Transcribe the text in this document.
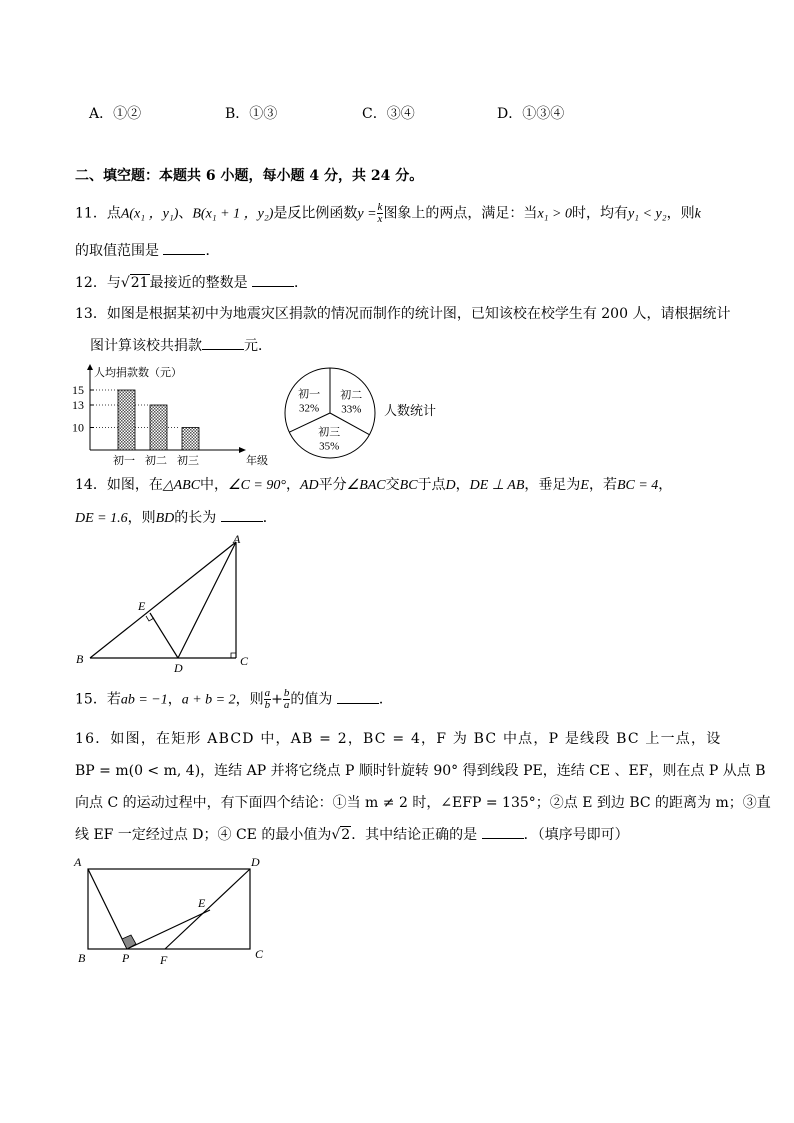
A．①②	B．①③	C．③④	D．①③④
二、填空题：本题共 6 小题，每小题 4 分，共 24 分。
11．点A(x₁ ，y₁)、B(x₁ + 1 ，y₂)是反比例函数$y = \frac{k}{x}$ 图象上的两点，满足：当x₁ > 0时，均有y₁ < y₂，则k
的取值范围是	．
12．与√21最接近的整数是	．
13．如图是根据某初中为地震灾区捐款的情况而制作的统计图，已知该校在校学生有 200 人，请根据统计
图计算该校共捐款	元．
人均捐款数（元）
年级
15
13
10
初一 初二 初三
初一
32%
初二
33%
初三
35%
人数统计
14．如图，在△ABC中，∠C = 90°，AD平分∠BAC交BC于点D，DE ⊥ AB，垂足为E，若BC = 4，
DE = 1.6，则BD的长为	．
A
B	C
D
E
15．若ab = −1，a + b = 2，则 $\frac{a}{b} + \frac{b}{a}$ 的值为	．
16．如图，在矩形 ABCD 中，AB = 2，BC = 4，F 为 BC 中点，P 是线段 BC 上一点，设
BP = m(0 < m, 4)，连结 AP 并将它绕点 P 顺时针旋转 90° 得到线段 PE，连结 CE 、EF，则在点 P 从点 B
向点 C 的运动过程中，有下面四个结论：①当 m ≠ 2 时，∠EFP = 135°；②点 E 到边 BC 的距离为 m；③直
线 EF 一定经过点 D；④ CE 的最小值为√2．其中结论正确的是	．（填序号即可）
A	D
E
B	P	F	C
